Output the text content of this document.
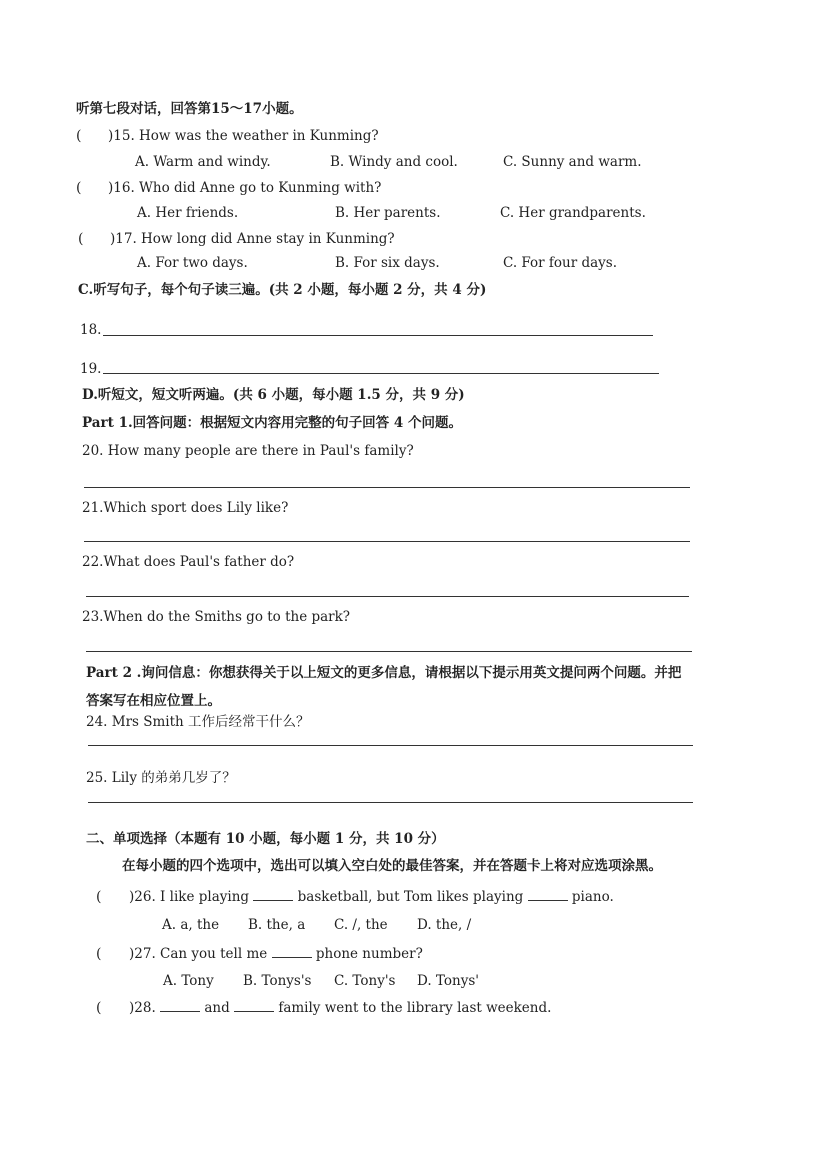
听第七段对话，回答第15～17小题。
( )15. How was the weather in Kunming?
A. Warm and windy.	B. Windy and cool.	C. Sunny and warm.
( )16. Who did Anne go to Kunming with?
A. Her friends.	B. Her parents.	C. Her grandparents.
( )17. How long did Anne stay in Kunming?
A. For two days.	B. For six days.	C. For four days.
C.听写句子，每个句子读三遍。(共 2 小题，每小题 2 分，共 4 分)
18.
19.
D.听短文，短文听两遍。(共 6 小题，每小题 1.5 分，共 9 分)
Part 1.回答问题：根据短文内容用完整的句子回答 4 个问题。
20. How many people are there in Paul's family?
21.Which sport does Lily like?
22.What does Paul's father do?
23.When do the Smiths go to the park?
Part 2 .询问信息：你想获得关于以上短文的更多信息，请根据以下提示用英文提问两个问题。并把
答案写在相应位置上。
24. Mrs Smith 工作后经常干什么？
25. Lily 的弟弟几岁了？
二、单项选择（本题有 10 小题，每小题 1 分，共 10 分）
在每小题的四个选项中，选出可以填入空白处的最佳答案，并在答题卡上将对应选项涂黑。
( )26. I like playing	basketball, but Tom likes playing	piano.
A. a, the B. the, a C. /, the D. the, /
( )27. Can you tell me	phone number?
A. Tony B. Tonys's C. Tony's D. Tonys'
( )28.	and	family went to the library last weekend.
